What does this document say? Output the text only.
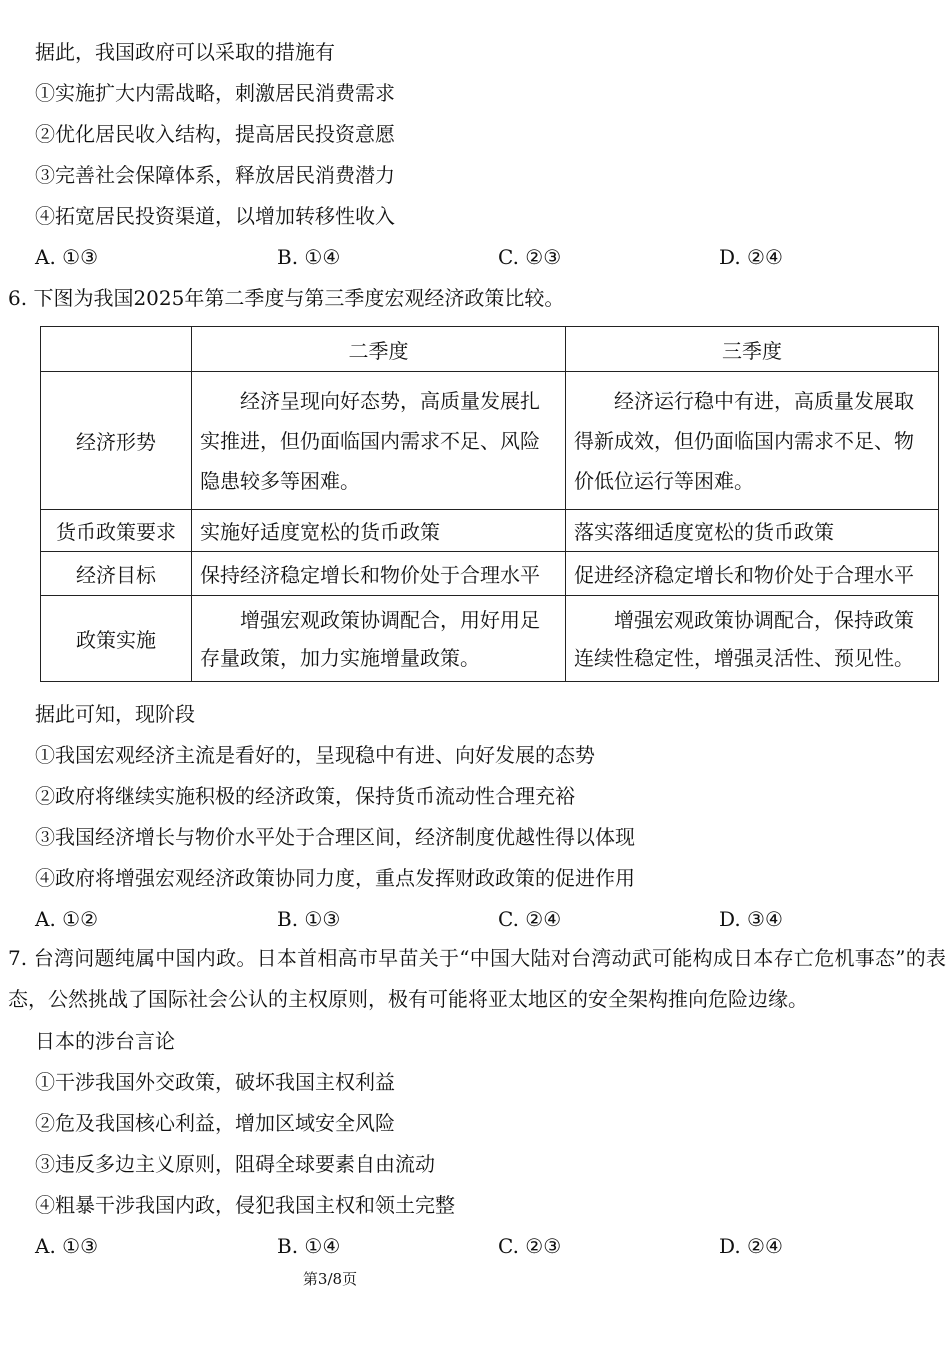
据此，我国政府可以采取的措施有
①实施扩大内需战略，刺激居民消费需求
②优化居民收入结构，提高居民投资意愿
③完善社会保障体系，释放居民消费潜力
④拓宽居民投资渠道，以增加转移性收入
A. ①③	B. ①④	C. ②③	D. ②④
6. 下图为我国2025年第二季度与第三季度宏观经济政策比较。
	二季度	三季度
经济形势	经济呈现向好态势，高质量发展扎实推进，但仍面临国内需求不足、风险隐患较多等困难。	经济运行稳中有进，高质量发展取得新成效，但仍面临国内需求不足、物价低位运行等困难。
货币政策要求	实施好适度宽松的货币政策	落实落细适度宽松的货币政策
经济目标	保持经济稳定增长和物价处于合理水平	促进经济稳定增长和物价处于合理水平
政策实施	增强宏观政策协调配合，用好用足存量政策，加力实施增量政策。	增强宏观政策协调配合，保持政策连续性稳定性，增强灵活性、预见性。
据此可知，现阶段
①我国宏观经济主流是看好的，呈现稳中有进、向好发展的态势
②政府将继续实施积极的经济政策，保持货币流动性合理充裕
③我国经济增长与物价水平处于合理区间，经济制度优越性得以体现
④政府将增强宏观经济政策协同力度，重点发挥财政政策的促进作用
A. ①②	B. ①③	C. ②④	D. ③④
7. 台湾问题纯属中国内政。日本首相高市早苗关于“中国大陆对台湾动武可能构成日本存亡危机事态”的表态，公然挑战了国际社会公认的主权原则，极有可能将亚太地区的安全架构推向危险边缘。
日本的涉台言论
①干涉我国外交政策，破坏我国主权利益
②危及我国核心利益，增加区域安全风险
③违反多边主义原则，阻碍全球要素自由流动
④粗暴干涉我国内政，侵犯我国主权和领土完整
A. ①③	B. ①④	C. ②③	D. ②④
第3/8页
